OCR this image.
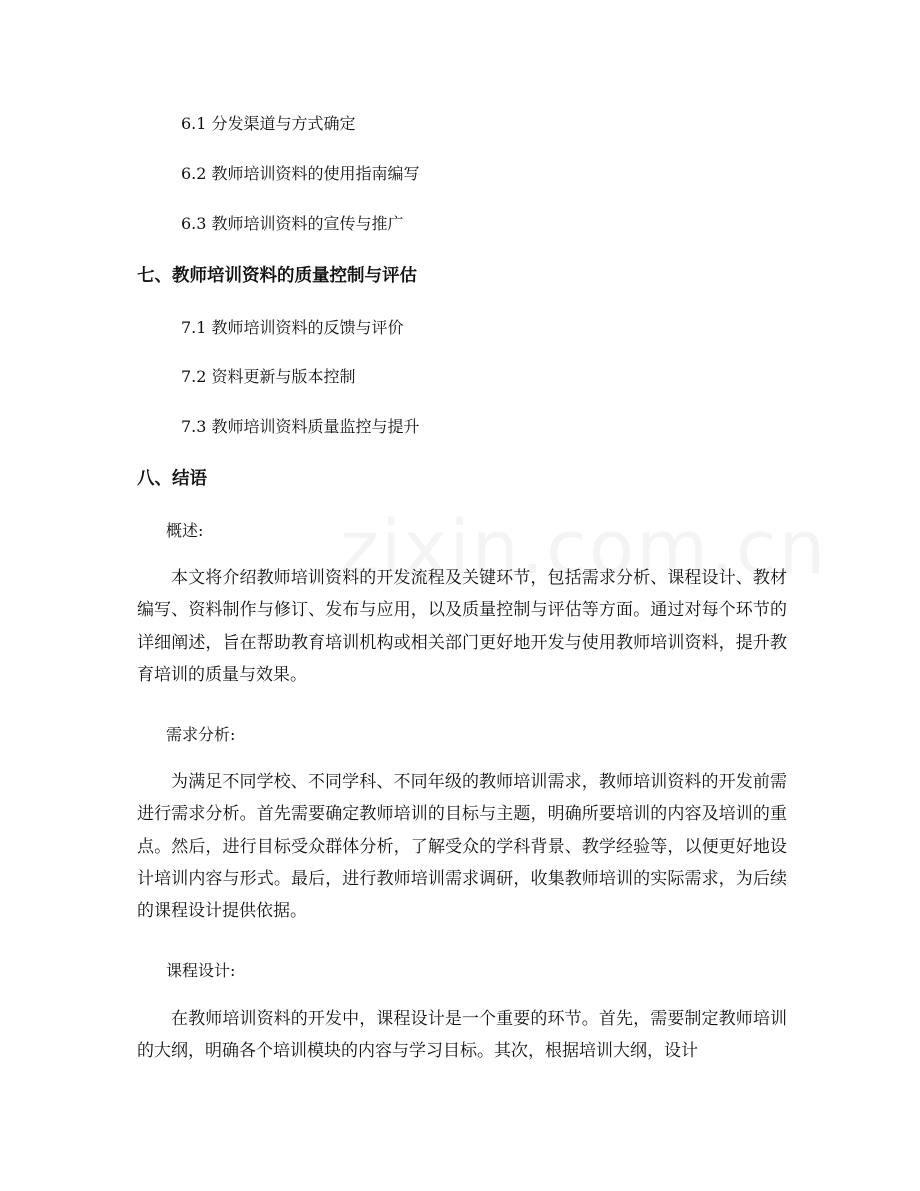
6.1 分发渠道与方式确定
6.2 教师培训资料的使用指南编写
6.3 教师培训资料的宣传与推广
七、教师培训资料的质量控制与评估
7.1 教师培训资料的反馈与评价
7.2 资料更新与版本控制
7.3 教师培训资料质量监控与提升
八、结语
概述:
本文将介绍教师培训资料的开发流程及关键环节，包括需求分析、课程设计、教材编写、资料制作与修订、发布与应用，以及质量控制与评估等方面。通过对每个环节的详细阐述，旨在帮助教育培训机构或相关部门更好地开发与使用教师培训资料，提升教育培训的质量与效果。
需求分析:
为满足不同学校、不同学科、不同年级的教师培训需求，教师培训资料的开发前需进行需求分析。首先需要确定教师培训的目标与主题，明确所要培训的内容及培训的重点。然后，进行目标受众群体分析，了解受众的学科背景、教学经验等，以便更好地设计培训内容与形式。最后，进行教师培训需求调研，收集教师培训的实际需求，为后续的课程设计提供依据。
课程设计:
在教师培训资料的开发中，课程设计是一个重要的环节。首先，需要制定教师培训的大纲，明确各个培训模块的内容与学习目标。其次，根据培训大纲，设计
